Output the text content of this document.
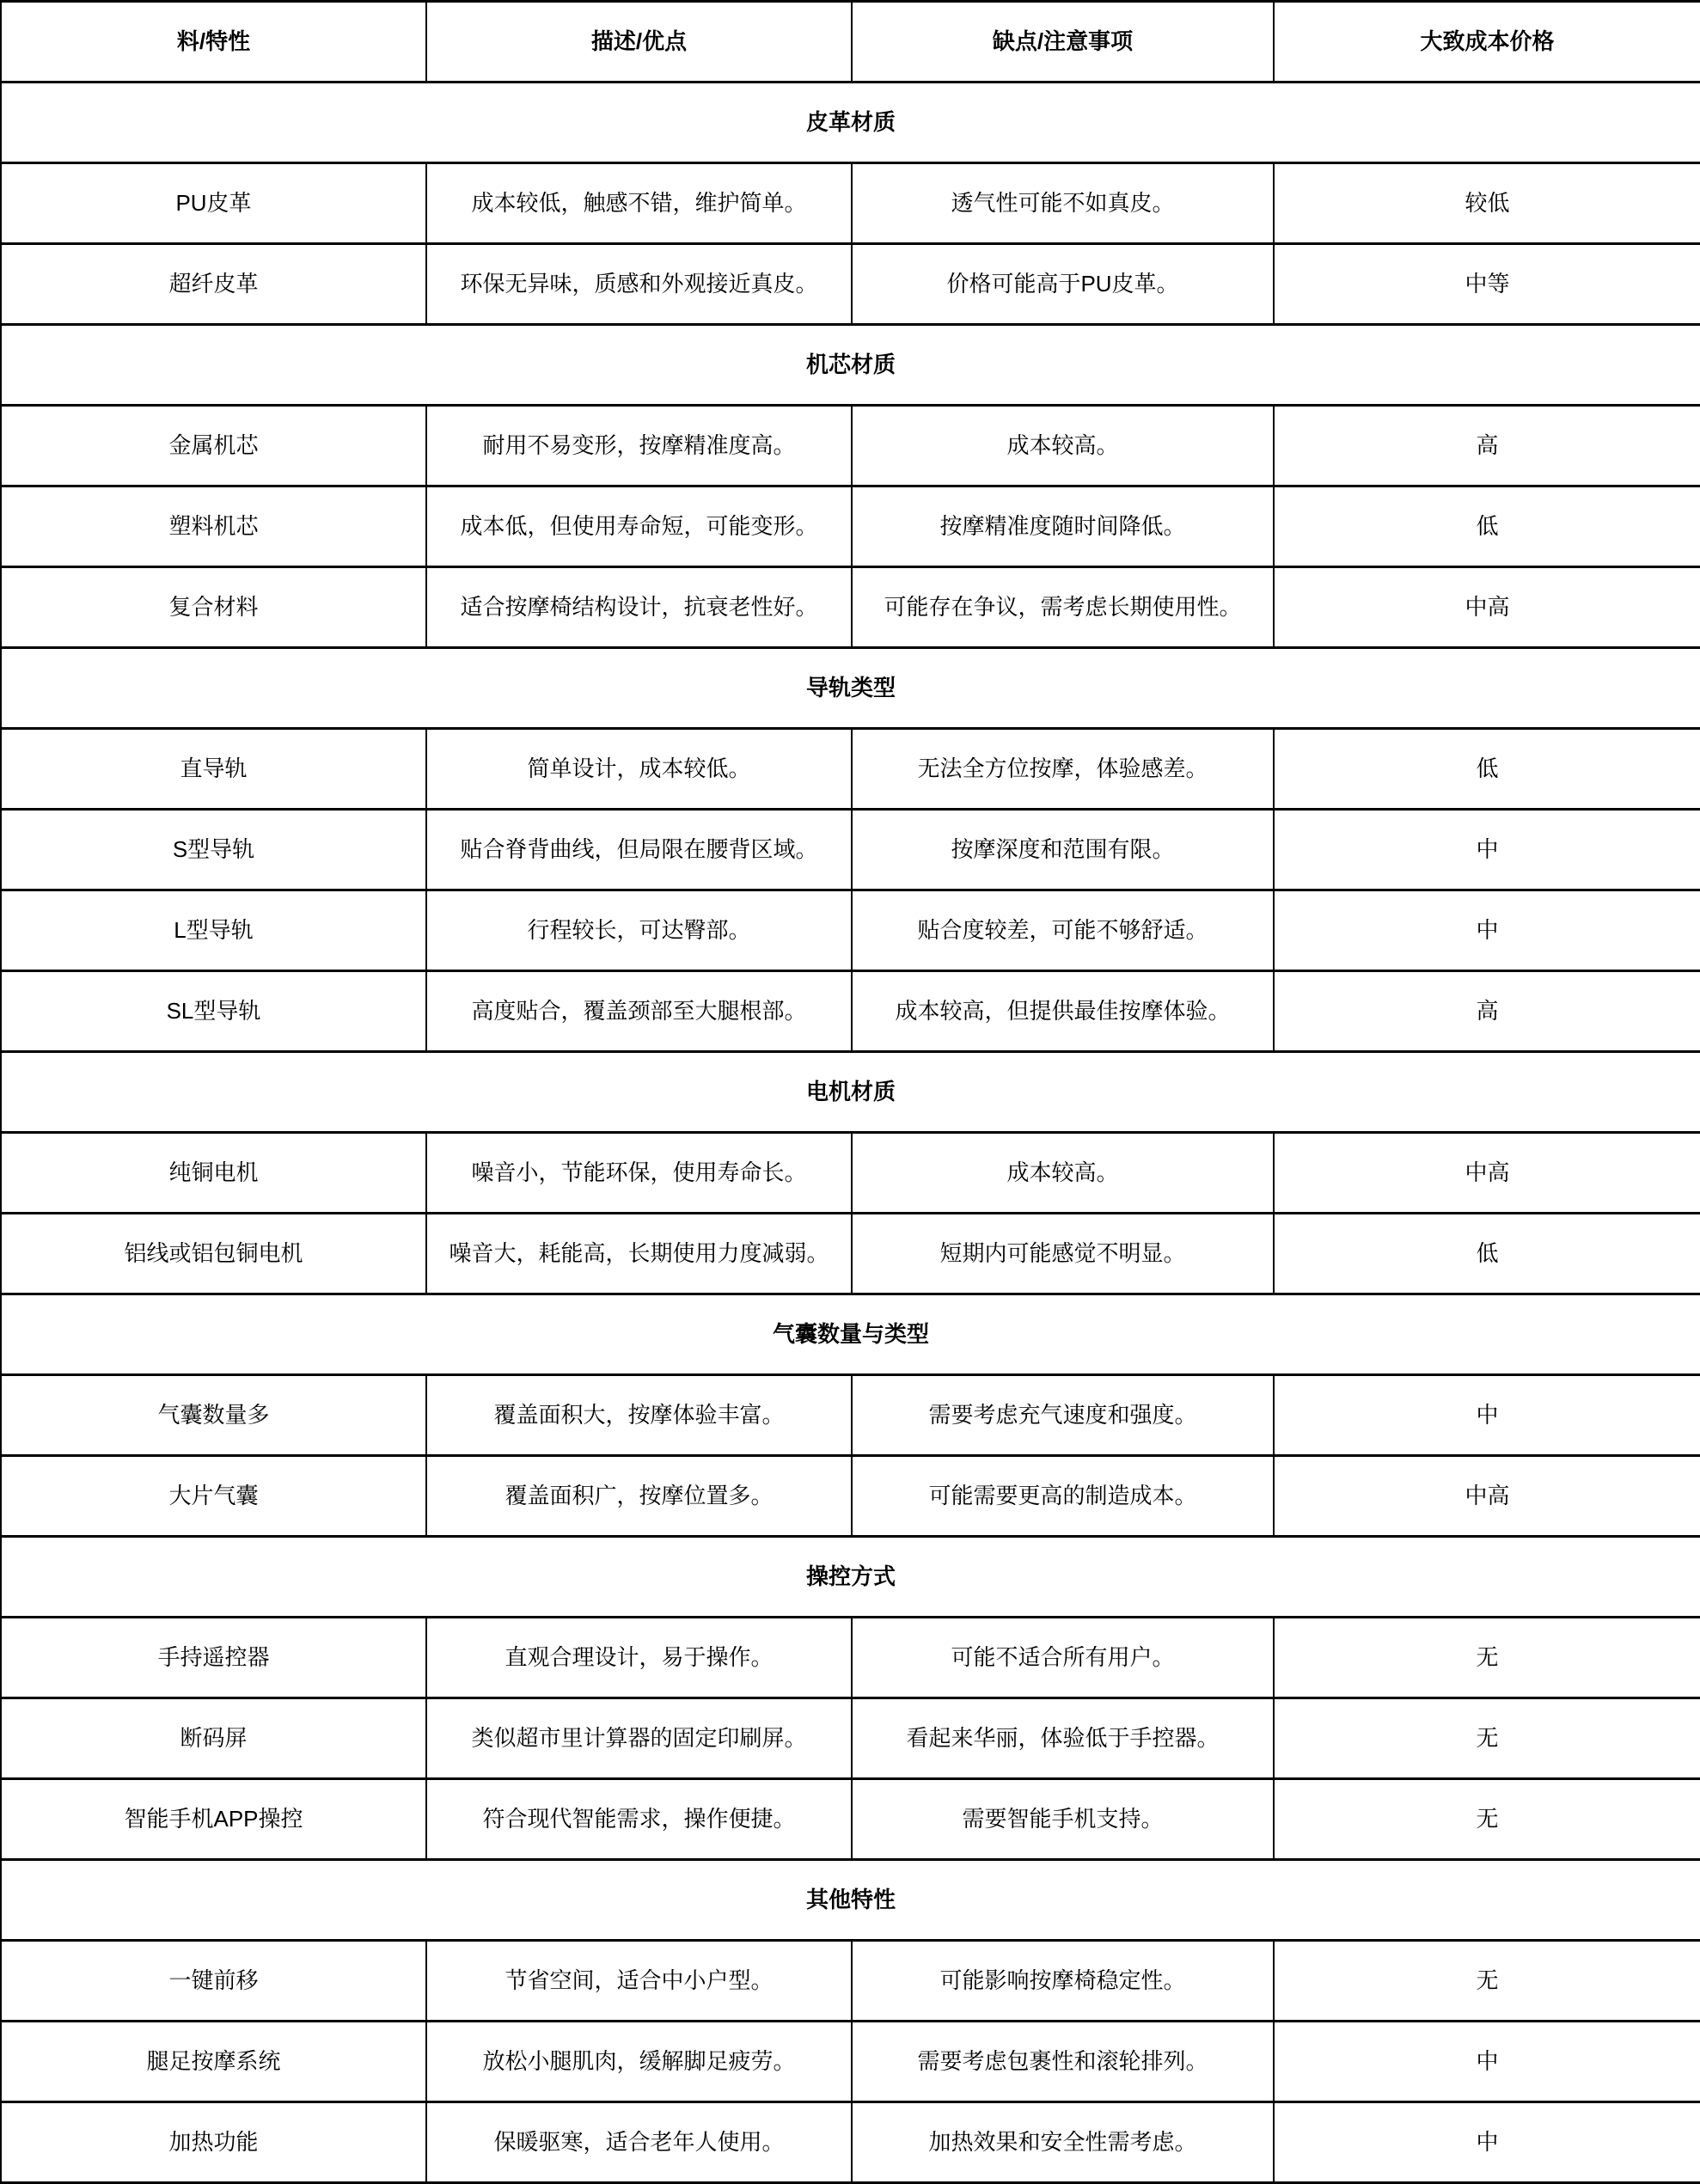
料/特性	描述/优点	缺点/注意事项	大致成本价格
皮革材质			
PU皮革	成本较低，触感不错，维护简单。	透气性可能不如真皮。	较低
超纤皮革	环保无异味，质感和外观接近真皮。	价格可能高于PU皮革。	中等
机芯材质			
金属机芯	耐用不易变形，按摩精准度高。	成本较高。	高
塑料机芯	成本低，但使用寿命短，可能变形。	按摩精准度随时间降低。	低
复合材料	适合按摩椅结构设计，抗衰老性好。	可能存在争议，需考虑长期使用性。	中高
导轨类型			
直导轨	简单设计，成本较低。	无法全方位按摩，体验感差。	低
S型导轨	贴合脊背曲线，但局限在腰背区域。	按摩深度和范围有限。	中
L型导轨	行程较长，可达臀部。	贴合度较差，可能不够舒适。	中
SL型导轨	高度贴合，覆盖颈部至大腿根部。	成本较高，但提供最佳按摩体验。	高
电机材质			
纯铜电机	噪音小，节能环保，使用寿命长。	成本较高。	中高
铝线或铝包铜电机	噪音大，耗能高，长期使用力度减弱。	短期内可能感觉不明显。	低
气囊数量与类型			
气囊数量多	覆盖面积大，按摩体验丰富。	需要考虑充气速度和强度。	中
大片气囊	覆盖面积广，按摩位置多。	可能需要更高的制造成本。	中高
操控方式			
手持遥控器	直观合理设计，易于操作。	可能不适合所有用户。	无
断码屏	类似超市里计算器的固定印刷屏。	看起来华丽，体验低于手控器。	无
智能手机APP操控	符合现代智能需求，操作便捷。	需要智能手机支持。	无
其他特性			
一键前移	节省空间，适合中小户型。	可能影响按摩椅稳定性。	无
腿足按摩系统	放松小腿肌肉，缓解脚足疲劳。	需要考虑包裹性和滚轮排列。	中
加热功能	保暖驱寒，适合老年人使用。	加热效果和安全性需考虑。	中
